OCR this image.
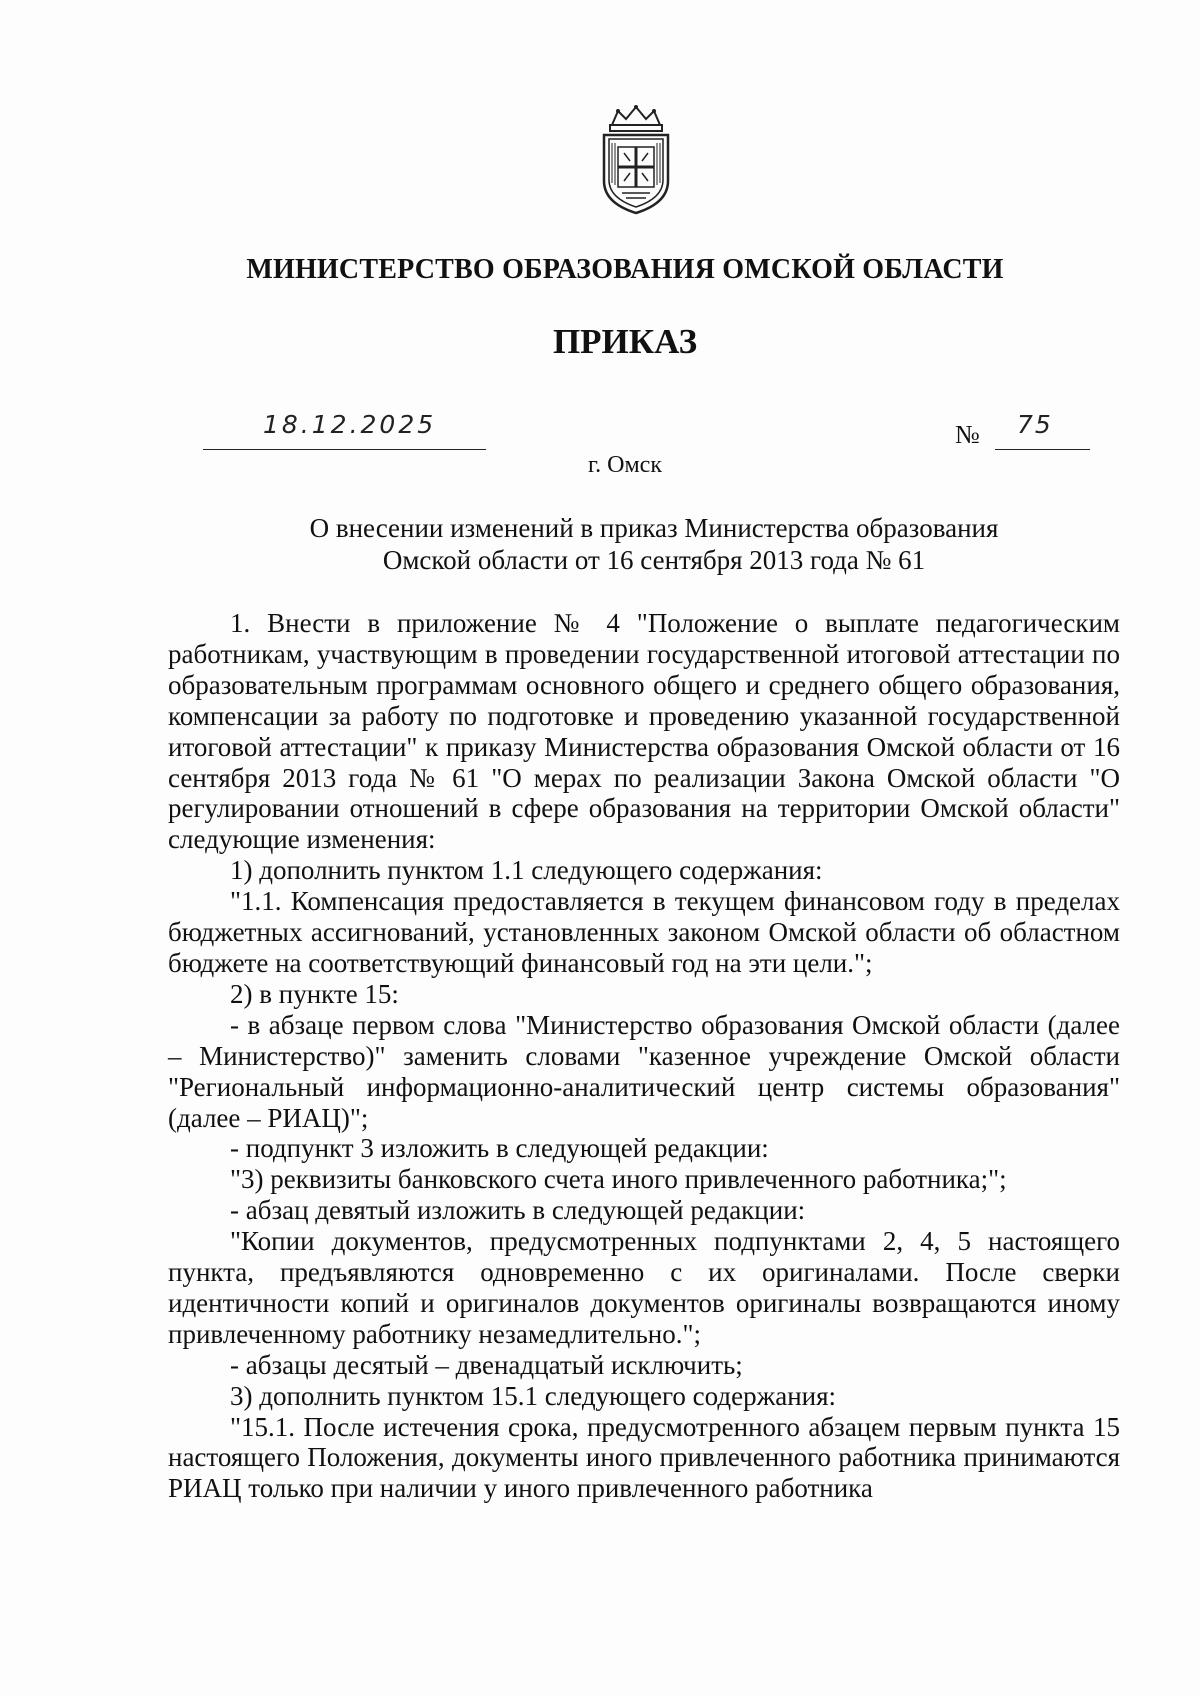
МИНИСТЕРСТВО ОБРАЗОВАНИЯ ОМСКОЙ ОБЛАСТИ
ПРИКАЗ
18.12.2025	№ 75
г. Омск
О внесении изменений в приказ Министерства образования
Омской области от 16 сентября 2013 года № 61

1. Внести в приложение № 4 "Положение о выплате педагогическим работникам, участвующим в проведении государственной итоговой аттестации по образовательным программам основного общего и среднего общего образования, компенсации за работу по подготовке и проведению указанной государственной итоговой аттестации" к приказу Министерства образования Омской области от 16 сентября 2013 года № 61 "О мерах по реализации Закона Омской области "О регулировании отношений в сфере образования на территории Омской области" следующие изменения:

1) дополнить пунктом 1.1 следующего содержания:

"1.1. Компенсация предоставляется в текущем финансовом году в пределах бюджетных ассигнований, установленных законом Омской области об областном бюджете на соответствующий финансовый год на эти цели.";

2) в пункте 15:

- в абзаце первом слова "Министерство образования Омской области (далее – Министерство)" заменить словами "казенное учреждение Омской области "Региональный информационно-аналитический центр системы образования" (далее – РИАЦ)";

- подпункт 3 изложить в следующей редакции:

"3) реквизиты банковского счета иного привлеченного работника;";

- абзац девятый изложить в следующей редакции:

"Копии документов, предусмотренных подпунктами 2, 4, 5 настоящего пункта, предъявляются одновременно с их оригиналами. После сверки идентичности копий и оригиналов документов оригиналы возвращаются иному привлеченному работнику незамедлительно.";

- абзацы десятый – двенадцатый исключить;

3) дополнить пунктом 15.1 следующего содержания:

"15.1. После истечения срока, предусмотренного абзацем первым пункта 15 настоящего Положения, документы иного привлеченного работника принимаются РИАЦ только при наличии у иного привлеченного работника
